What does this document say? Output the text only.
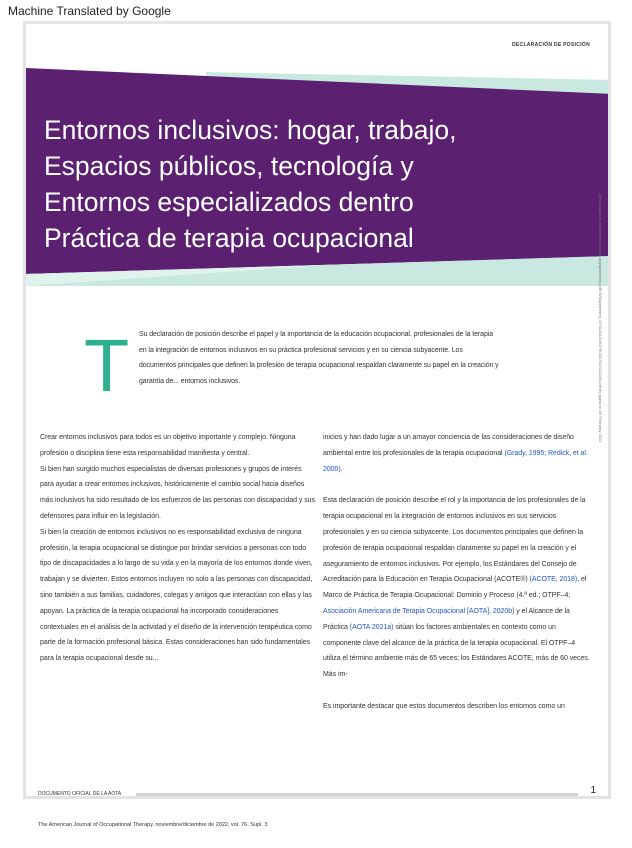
Machine Translated by Google
DECLARACIÓN DE POSICIÓN
Entornos inclusivos: hogar, trabajo,
Espacios públicos, tecnología y
Entornos especializados dentro
Práctica de terapia ocupacional	Descargado de http://research.aota.org/ajot/article-pdf/76/Supplement_3/7613410240/78043/7613410240.pdf by guest on 09 February 2023
T Su declaración de posición describe el papel y la importancia de la educación ocupacional. profesionales de la terapia en la integración de entornos inclusivos en su práctica profesional servicios y en su ciencia subyacente. Los documentos principales que definen la profesión de terapia ocupacional respaldan claramente su papel en la creación y garantía de... entornos inclusivos.

Crear entornos inclusivos para todos es un objetivo importante y complejo. Ninguna profesión o disciplina tiene esta responsabilidad manifiesta y central.

Si bien han surgido muchos especialistas de diversas profesiones y grupos de interés para ayudar a crear entornos inclusivos, históricamente el cambio social hacia diseños más inclusivos ha sido resultado de los esfuerzos de las personas con discapacidad y sus defensores para influir en la legislación.

Si bien la creación de entornos inclusivos no es responsabilidad exclusiva de ninguna profesión, la terapia ocupacional se distingue por brindar servicios a personas con todo tipo de discapacidades a lo largo de su vida y en la mayoría de los entornos donde viven, trabajan y se divierten. Estos entornos incluyen no solo a las personas con discapacidad, sino también a sus familias, cuidadores, colegas y amigos que interactúan con ellas y las apoyan. La práctica de la terapia ocupacional ha incorporado consideraciones contextuales en el análisis de la actividad y el diseño de la intervención terapéutica como parte de la formación profesional básica. Estas consideraciones han sido fundamentales para la terapia ocupacional desde su...

inicios y han dado lugar a un amayor conciencia de las consideraciones de diseño ambiental entre los profesionales de la terapia ocupacional (Grady, 1995; Redick, et al. 2000).

Esta declaración de posición describe el rol y la importancia de los profesionales de la terapia ocupacional en la integración de entornos inclusivos en sus servicios profesionales y en su ciencia subyacente. Los documentos principales que definen la profesión de terapia ocupacional respaldan claramente su papel en la creación y el aseguramiento de entornos inclusivos. Por ejemplo, los Estándares del Consejo de Acreditación para la Educación en Terapia Ocupacional (ACOTE®) (ACOTE, 2018), el Marco de Práctica de Terapia Ocupacional: Dominio y Proceso (4.ª ed.; OTPF–4; Asociación Americana de Terapia Ocupacional [AOTA], 2020b) y el Alcance de la Práctica (AOTA 2021a) sitúan los factores ambientales en contexto como un componente clave del alcance de la práctica de la terapia ocupacional. El OTPF–4 utiliza el término ambiente más de 65 veces; los Estándares ACOTE, más de 60 veces. Más im-

Es importante destacar que estos documentos describen los entornos como un

DOCUMENTO OFICIAL DE LA AOTA	1
The American Journal of Occupational Therapy, noviembre/diciembre de 2022, vol. 76, Supl. 3
